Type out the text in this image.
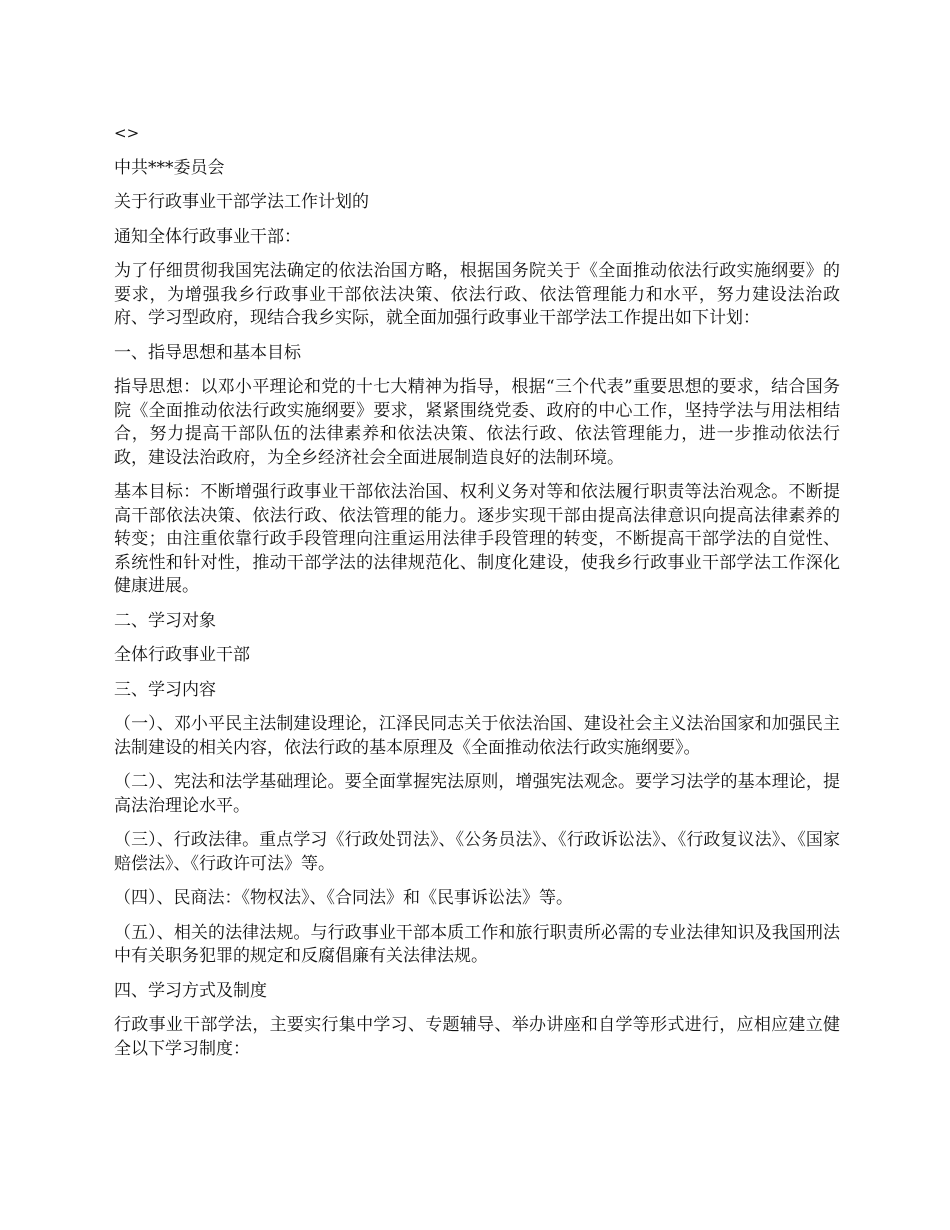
<>

中共***委员会

关于行政事业干部学法工作计划的

通知全体行政事业干部：

为了仔细贯彻我国宪法确定的依法治国方略，根据国务院关于《全面推动依法行政实施纲要》的要求，为增强我乡行政事业干部依法决策、依法行政、依法管理能力和水平，努力建设法治政府、学习型政府，现结合我乡实际，就全面加强行政事业干部学法工作提出如下计划：

一、指导思想和基本目标

指导思想：以邓小平理论和党的十七大精神为指导，根据“三个代表”重要思想的要求，结合国务院《全面推动依法行政实施纲要》要求，紧紧围绕党委、政府的中心工作，坚持学法与用法相结合，努力提高干部队伍的法律素养和依法决策、依法行政、依法管理能力，进一步推动依法行政，建设法治政府，为全乡经济社会全面进展制造良好的法制环境。

基本目标：不断增强行政事业干部依法治国、权利义务对等和依法履行职责等法治观念。不断提高干部依法决策、依法行政、依法管理的能力。逐步实现干部由提高法律意识向提高法律素养的转变；由注重依靠行政手段管理向注重运用法律手段管理的转变，不断提高干部学法的自觉性、系统性和针对性，推动干部学法的法律规范化、制度化建设，使我乡行政事业干部学法工作深化健康进展。

二、学习对象

全体行政事业干部

三、学习内容

（一）、邓小平民主法制建设理论，江泽民同志关于依法治国、建设社会主义法治国家和加强民主法制建设的相关内容，依法行政的基本原理及《全面推动依法行政实施纲要》。

（二）、宪法和法学基础理论。要全面掌握宪法原则，增强宪法观念。要学习法学的基本理论，提高法治理论水平。

（三）、行政法律。重点学习《行政处罚法》、《公务员法》、《行政诉讼法》、《行政复议法》、《国家赔偿法》、《行政许可法》等。

（四）、民商法：《物权法》、《合同法》和《民事诉讼法》等。

（五）、相关的法律法规。与行政事业干部本质工作和旅行职责所必需的专业法律知识及我国刑法中有关职务犯罪的规定和反腐倡廉有关法律法规。

四、学习方式及制度

行政事业干部学法，主要实行集中学习、专题辅导、举办讲座和自学等形式进行，应相应建立健全以下学习制度：
